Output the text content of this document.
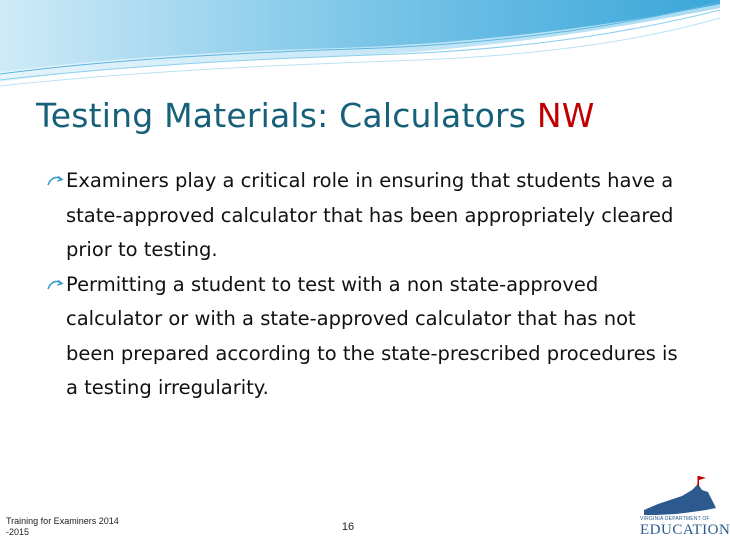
Testing Materials: Calculators NW
Examiners play a critical role in ensuring that students have a state-approved calculator that has been appropriately cleared prior to testing.
Permitting a student to test with a non state-approved calculator or with a state-approved calculator that has not been prepared according to the state-prescribed procedures is a testing irregularity.
Training for Examiners 2014
-2015	16
VIRGINIA DEPARTMENT OF
EDUCATION
